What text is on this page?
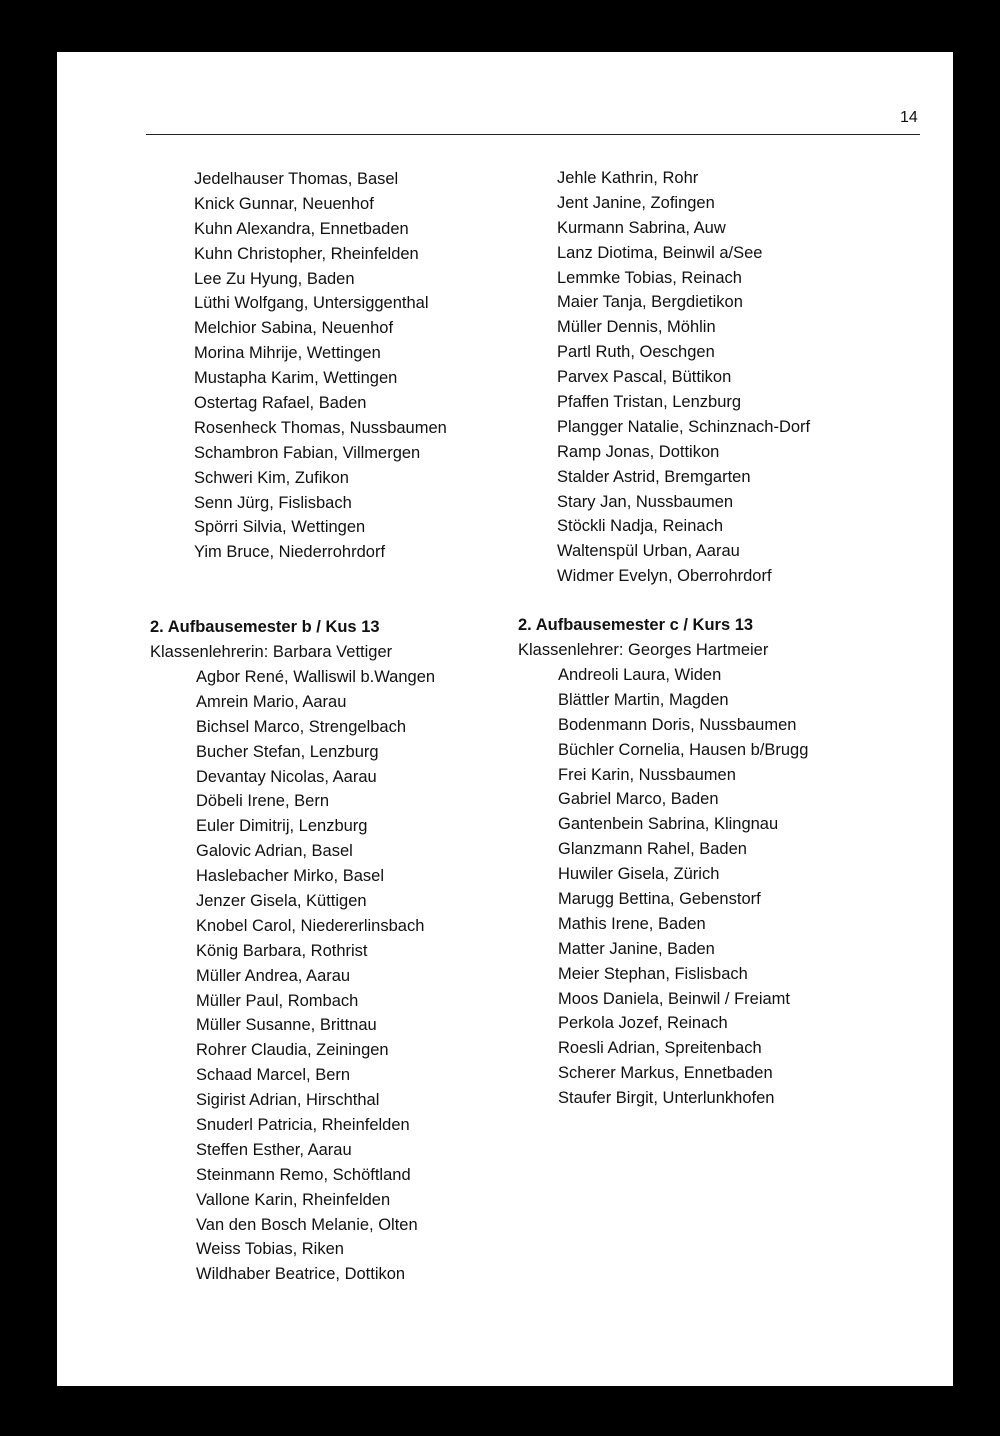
14
Jedelhauser Thomas, Basel
Knick Gunnar, Neuenhof
Kuhn Alexandra, Ennetbaden
Kuhn Christopher, Rheinfelden
Lee Zu Hyung, Baden
Lüthi Wolfgang, Untersiggenthal
Melchior Sabina, Neuenhof
Morina Mihrije, Wettingen
Mustapha Karim, Wettingen
Ostertag Rafael, Baden
Rosenheck Thomas, Nussbaumen
Schambron Fabian, Villmergen
Schweri Kim, Zufikon
Senn Jürg, Fislisbach
Spörri Silvia, Wettingen
Yim Bruce, Niederrohrdorf
Jehle Kathrin, Rohr
Jent Janine, Zofingen
Kurmann Sabrina, Auw
Lanz Diotima, Beinwil a/See
Lemmke Tobias, Reinach
Maier Tanja, Bergdietikon
Müller Dennis, Möhlin
Partl Ruth, Oeschgen
Parvex Pascal, Büttikon
Pfaffen Tristan, Lenzburg
Plangger Natalie, Schinznach-Dorf
Ramp Jonas, Dottikon
Stalder Astrid, Bremgarten
Stary Jan, Nussbaumen
Stöckli Nadja, Reinach
Waltenspül Urban, Aarau
Widmer Evelyn, Oberrohrdorf
2. Aufbausemester b / Kus 13
Klassenlehrerin: Barbara Vettiger
Agbor René, Walliswil b.Wangen
Amrein Mario, Aarau
Bichsel Marco, Strengelbach
Bucher Stefan, Lenzburg
Devantay Nicolas, Aarau
Döbeli Irene, Bern
Euler Dimitrij, Lenzburg
Galovic Adrian, Basel
Haslebacher Mirko, Basel
Jenzer Gisela, Küttigen
Knobel Carol, Niedererlinsbach
König Barbara, Rothrist
Müller Andrea, Aarau
Müller Paul, Rombach
Müller Susanne, Brittnau
Rohrer Claudia, Zeiningen
Schaad Marcel, Bern
Sigirist Adrian, Hirschthal
Snuderl Patricia, Rheinfelden
Steffen Esther, Aarau
Steinmann Remo, Schöftland
Vallone Karin, Rheinfelden
Van den Bosch Melanie, Olten
Weiss Tobias, Riken
Wildhaber Beatrice, Dottikon
2. Aufbausemester c / Kurs 13
Klassenlehrer: Georges Hartmeier
Andreoli Laura, Widen
Blättler Martin, Magden
Bodenmann Doris, Nussbaumen
Büchler Cornelia, Hausen b/Brugg
Frei Karin, Nussbaumen
Gabriel Marco, Baden
Gantenbein Sabrina, Klingnau
Glanzmann Rahel, Baden
Huwiler Gisela, Zürich
Marugg Bettina, Gebenstorf
Mathis Irene, Baden
Matter Janine, Baden
Meier Stephan, Fislisbach
Moos Daniela, Beinwil / Freiamt
Perkola Jozef, Reinach
Roesli Adrian, Spreitenbach
Scherer Markus, Ennetbaden
Staufer Birgit, Unterlunkhofen
